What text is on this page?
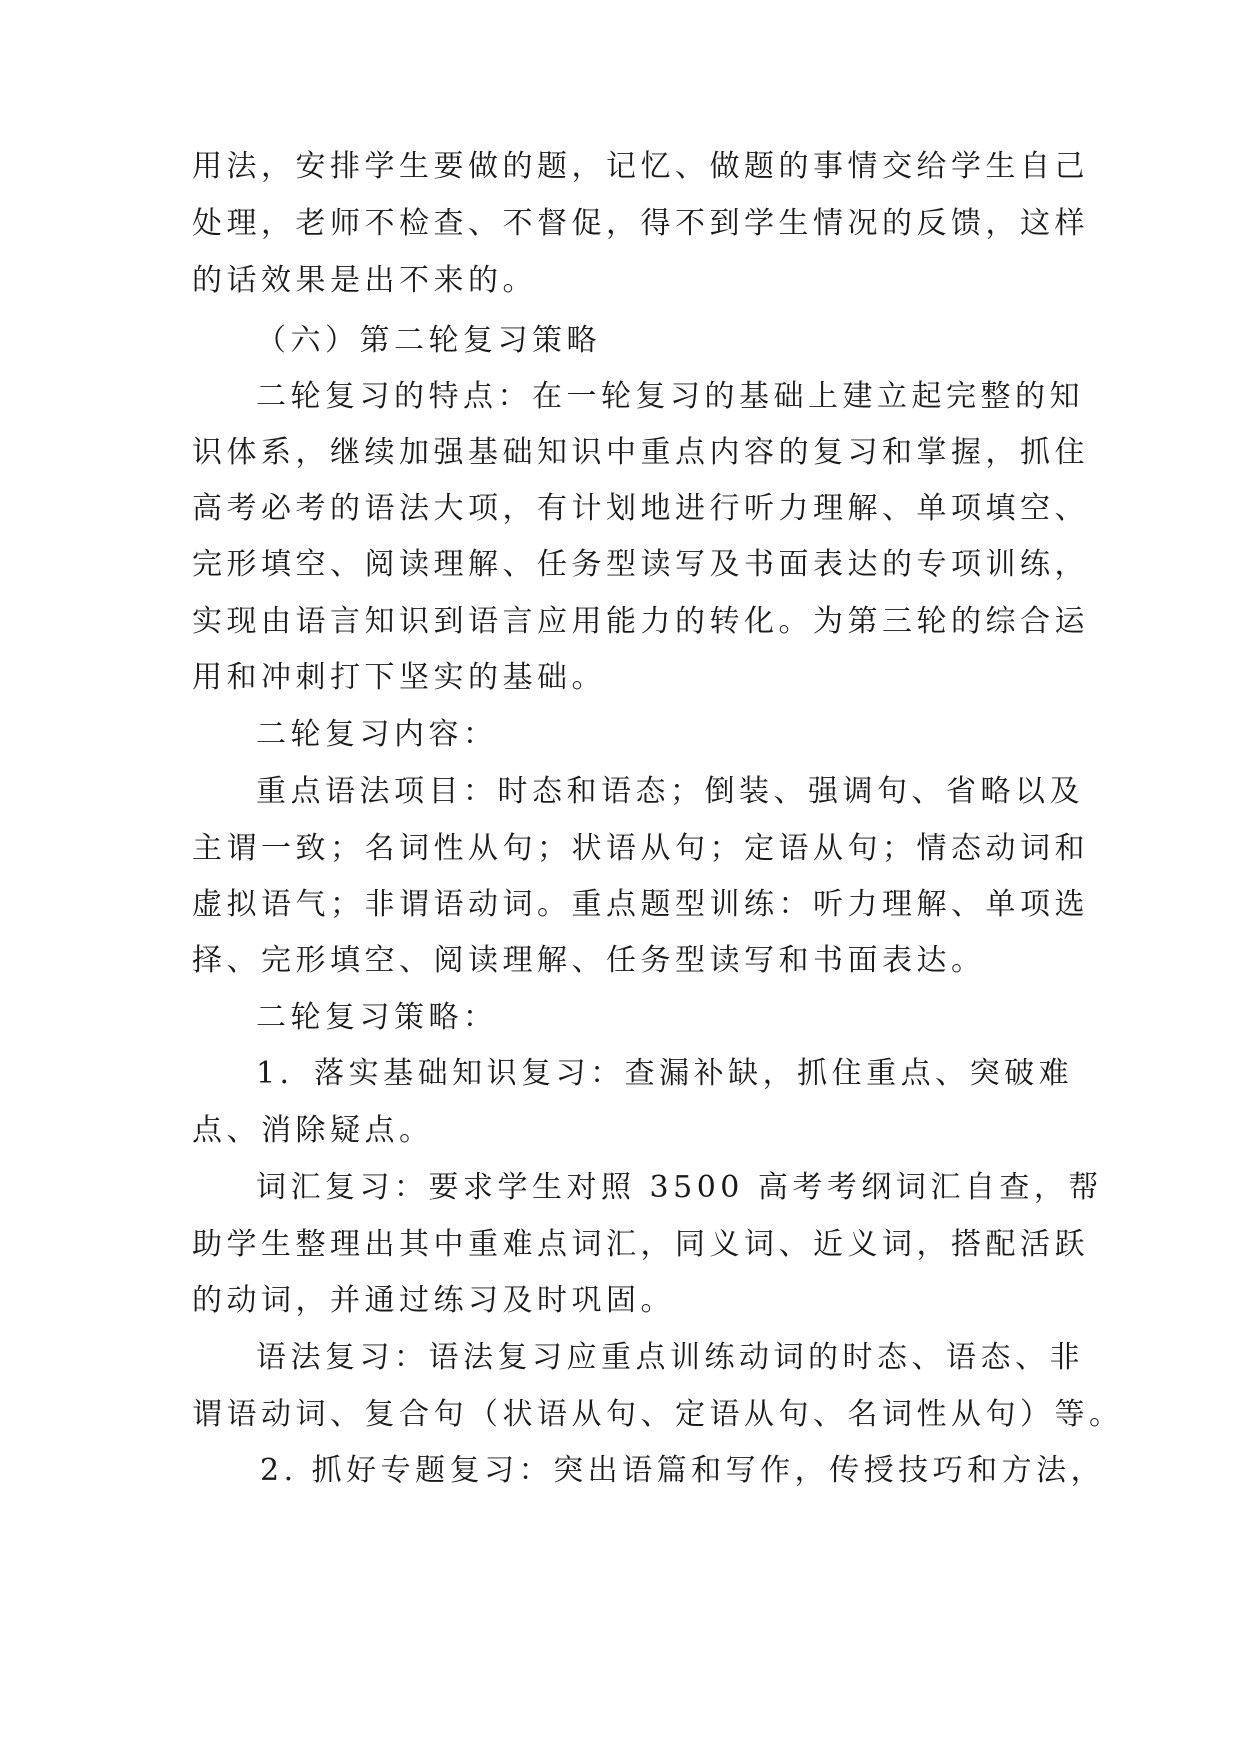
用法，安排学生要做的题，记忆、做题的事情交给学生自己
处理，老师不检查、不督促，得不到学生情况的反馈，这样
的话效果是出不来的。
（六）第二轮复习策略
二轮复习的特点：在一轮复习的基础上建立起完整的知
识体系，继续加强基础知识中重点内容的复习和掌握，抓住
高考必考的语法大项，有计划地进行听力理解、单项填空、
完形填空、阅读理解、任务型读写及书面表达的专项训练，
实现由语言知识到语言应用能力的转化。为第三轮的综合运
用和冲刺打下坚实的基础。
二轮复习内容：
重点语法项目：时态和语态；倒装、强调句、省略以及
主谓一致；名词性从句；状语从句；定语从句；情态动词和
虚拟语气；非谓语动词。重点题型训练：听力理解、单项选
择、完形填空、阅读理解、任务型读写和书面表达。
二轮复习策略：
1．落实基础知识复习：查漏补缺，抓住重点、突破难
点、消除疑点。
词汇复习：要求学生对照 3500 高考考纲词汇自查，帮
助学生整理出其中重难点词汇，同义词、近义词，搭配活跃
的动词，并通过练习及时巩固。
语法复习：语法复习应重点训练动词的时态、语态、非
谓语动词、复合句（状语从句、定语从句、名词性从句）等。
2. 抓好专题复习：突出语篇和写作，传授技巧和方法，
